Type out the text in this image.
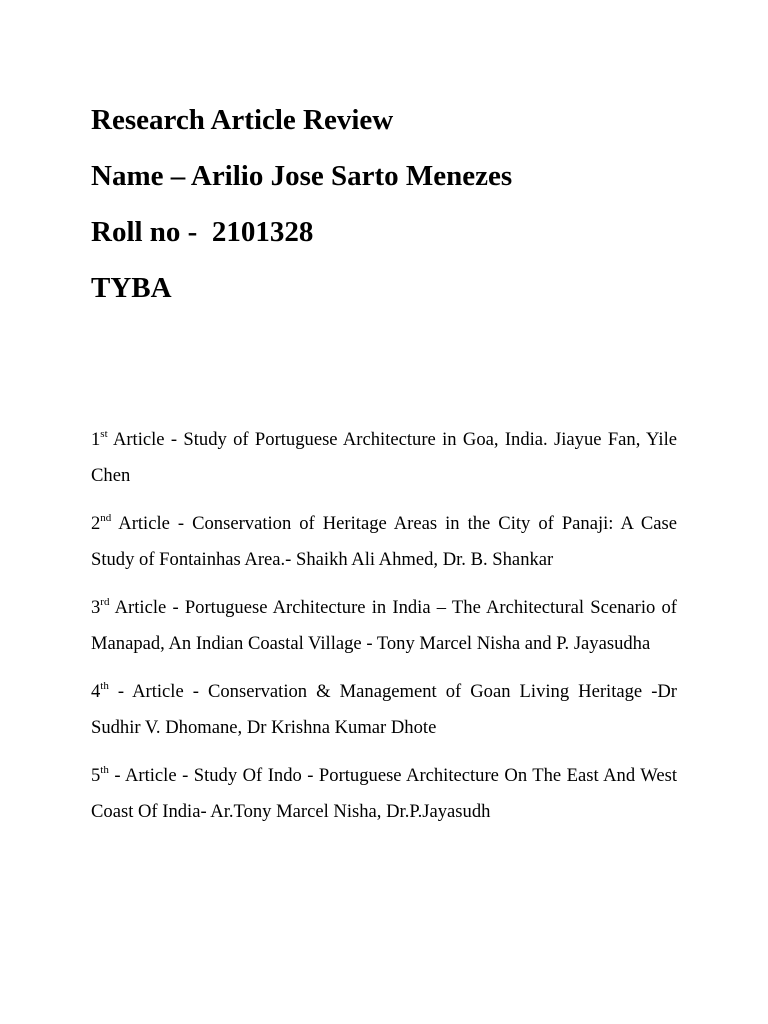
Research Article Review

Name – Arilio Jose Sarto Menezes

Roll no -  2101328

TYBA

1st Article - Study of Portuguese Architecture in Goa, India. Jiayue Fan, Yile Chen

2nd Article - Conservation of Heritage Areas in the City of Panaji: A Case Study of Fontainhas Area.- Shaikh Ali Ahmed, Dr. B. Shankar

3rd Article - Portuguese Architecture in India – The Architectural Scenario of Manapad, An Indian Coastal Village - Tony Marcel Nisha and P. Jayasudha

4th - Article - Conservation & Management of Goan Living Heritage -Dr Sudhir V. Dhomane, Dr Krishna Kumar Dhote

5th - Article - Study Of Indo - Portuguese Architecture On The East And West Coast Of India- Ar.Tony Marcel Nisha, Dr.P.Jayasudh
